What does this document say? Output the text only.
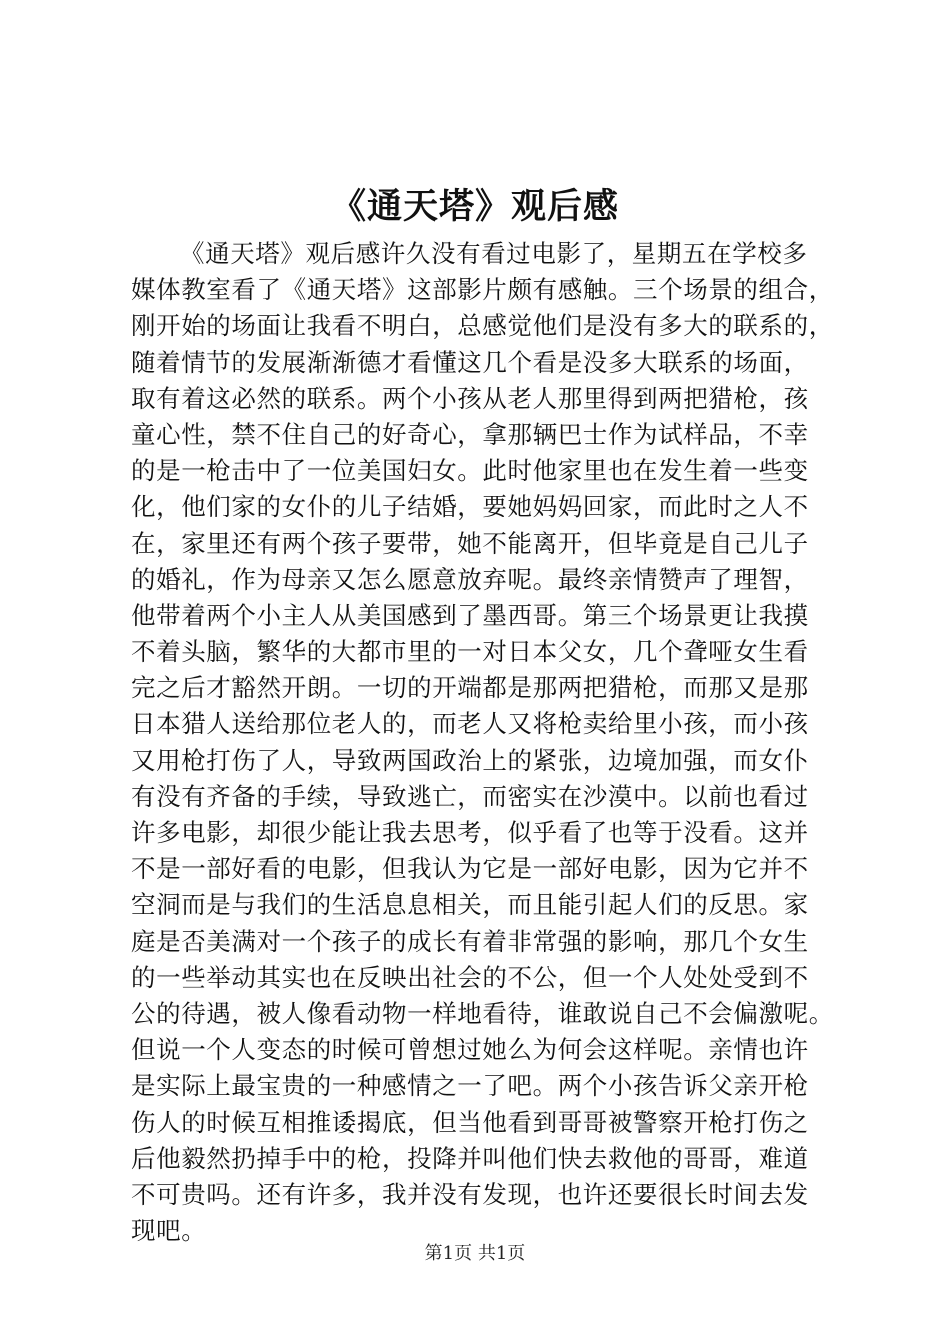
《通天塔》观后感
《通天塔》观后感许久没有看过电影了，星期五在学校多
媒体教室看了《通天塔》这部影片颇有感触。三个场景的组合，
刚开始的场面让我看不明白，总感觉他们是没有多大的联系的，
随着情节的发展渐渐德才看懂这几个看是没多大联系的场面，
取有着这必然的联系。两个小孩从老人那里得到两把猎枪，孩
童心性，禁不住自己的好奇心，拿那辆巴士作为试样品，不幸
的是一枪击中了一位美国妇女。此时他家里也在发生着一些变
化，他们家的女仆的儿子结婚，要她妈妈回家，而此时之人不
在，家里还有两个孩子要带，她不能离开，但毕竟是自己儿子
的婚礼，作为母亲又怎么愿意放弃呢。最终亲情赞声了理智，
他带着两个小主人从美国感到了墨西哥。第三个场景更让我摸
不着头脑，繁华的大都市里的一对日本父女，几个聋哑女生看
完之后才豁然开朗。一切的开端都是那两把猎枪，而那又是那
日本猎人送给那位老人的，而老人又将枪卖给里小孩，而小孩
又用枪打伤了人，导致两国政治上的紧张，边境加强，而女仆
有没有齐备的手续，导致逃亡，而密实在沙漠中。以前也看过
许多电影，却很少能让我去思考，似乎看了也等于没看。这并
不是一部好看的电影，但我认为它是一部好电影，因为它并不
空洞而是与我们的生活息息相关，而且能引起人们的反思。家
庭是否美满对一个孩子的成长有着非常强的影响，那几个女生
的一些举动其实也在反映出社会的不公，但一个人处处受到不
公的待遇，被人像看动物一样地看待，谁敢说自己不会偏激呢。
但说一个人变态的时候可曾想过她么为何会这样呢。亲情也许
是实际上最宝贵的一种感情之一了吧。两个小孩告诉父亲开枪
伤人的时候互相推诿揭底，但当他看到哥哥被警察开枪打伤之
后他毅然扔掉手中的枪，投降并叫他们快去救他的哥哥，难道
不可贵吗。还有许多，我并没有发现，也许还要很长时间去发
现吧。
第1页 共1页
